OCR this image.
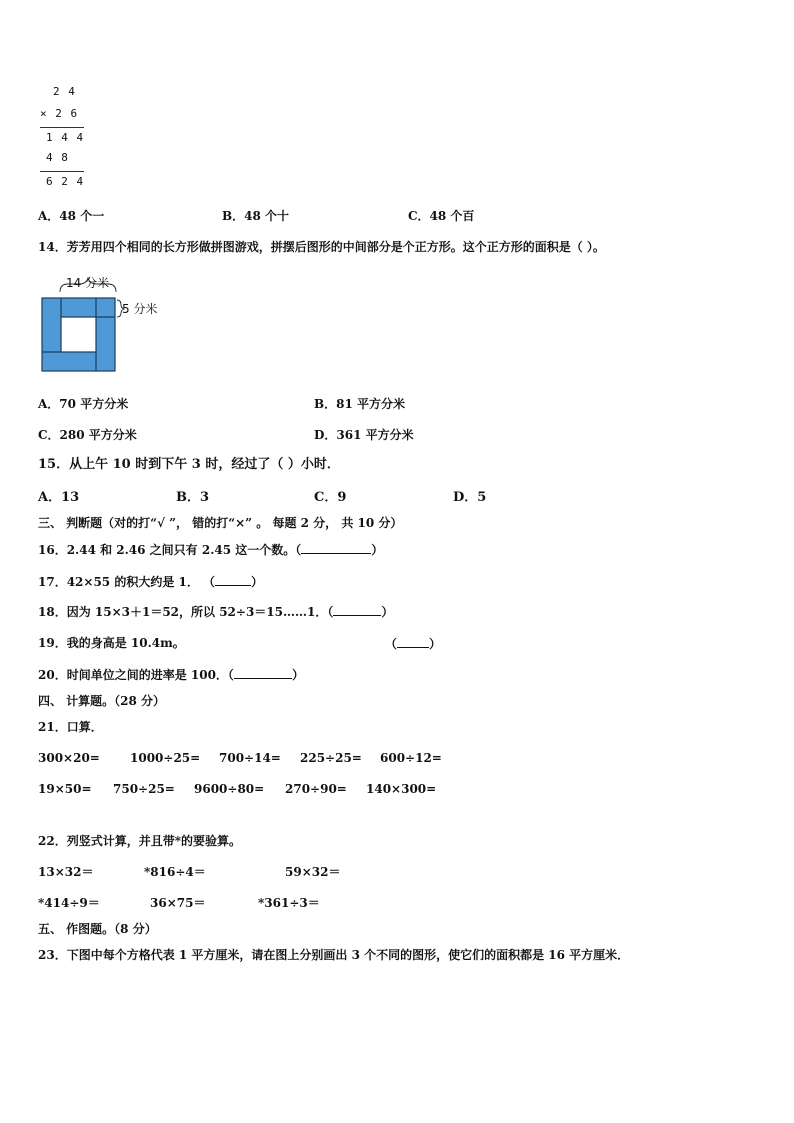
2 4
× 2 6
1 4 4
4 8
6 2 4
A．48 个一	B．48 个十	C．48 个百
14．芳芳用四个相同的长方形做拼图游戏，拼摆后图形的中间部分是个正方形。这个正方形的面积是（ ）。
14 分米
5 分米
A．70 平方分米	B．81 平方分米
C．280 平方分米	D．361 平方分米
15．从上午 10 时到下午 3 时，经过了（ ）小时．
A．13	B．3	C．9	D．5
三、 判断题（对的打“√ ”， 错的打“×” 。 每题 2 分， 共 10 分）
16．2.44 和 2.46 之间只有 2.45 这一个数。（	）
17．42×55 的积大约是 1． （	）
18．因为 15×3＋1＝52，所以 52÷3＝15……1．（	）
19．我的身高是 10.4m。	（	）
20．时间单位之间的进率是 100．（	）
四、 计算题。（28 分）
21．口算．
300×20=	1000÷25= 700÷14= 225÷25= 600÷12=
19×50= 750÷25= 9600÷80= 270÷90= 140×300=
22．列竖式计算，并且带*的要验算。
13×32＝	*816÷4＝	59×32＝
*414÷9＝	36×75＝	*361÷3＝
五、 作图题。（8 分）
23．下图中每个方格代表 1 平方厘米，请在图上分别画出 3 个不同的图形，使它们的面积都是 16 平方厘米．
